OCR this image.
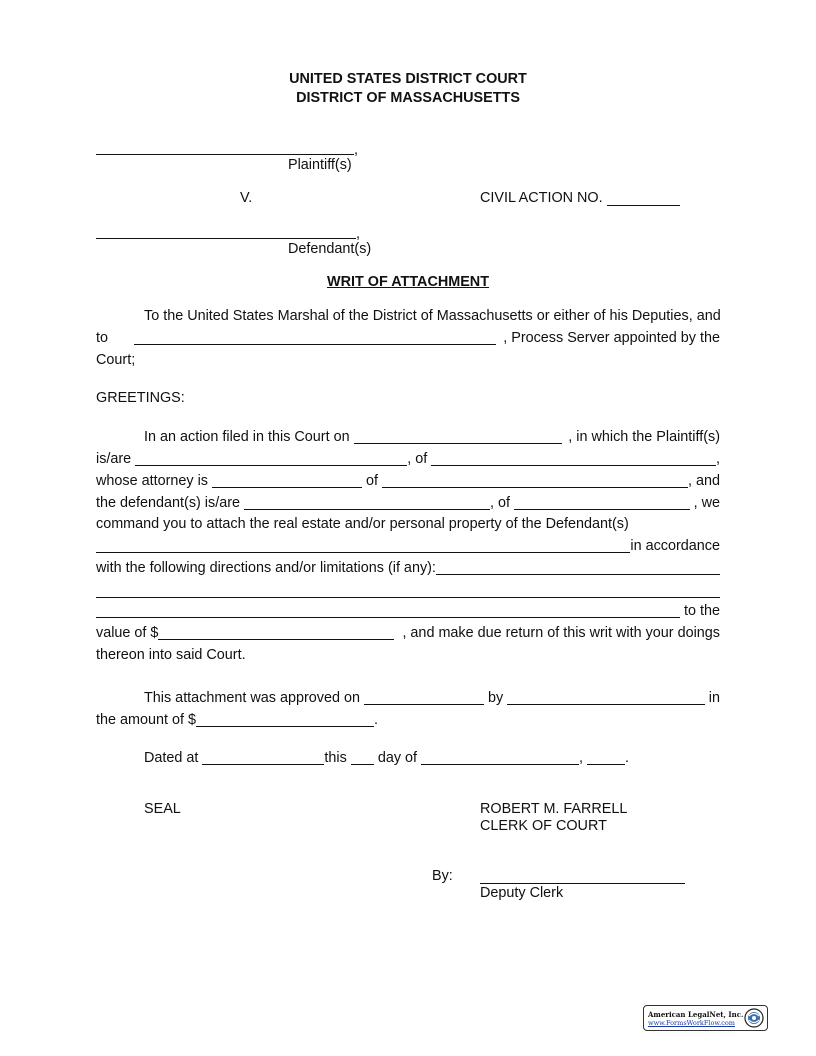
UNITED STATES DISTRICT COURT
DISTRICT OF MASSACHUSETTS
,
Plaintiff(s)
V.	CIVIL ACTION NO.
,
Defendant(s)
WRIT OF ATTACHMENT
To the United States Marshal of the District of Massachusetts or either of his Deputies, and
to	, Process Server appointed by the
Court;
GREETINGS:
In an action filed in this Court on	, in which the Plaintiff(s)
is/are	, of	,
whose attorney is	of	, and
the defendant(s) is/are	, of	, we
command you to attach the real estate and/or personal property of the Defendant(s)
in accordance
with the following directions and/or limitations (if any):
to the
value of $	, and make due return of this writ with your doings
thereon into said Court.
This attachment was approved on	by	in
the amount of $	.
Dated at	this day of	,	.
SEAL	ROBERT M. FARRELL
CLERK OF COURT
By:
Deputy Clerk
American LegalNet, Inc.
www.FormsWorkFlow.com
